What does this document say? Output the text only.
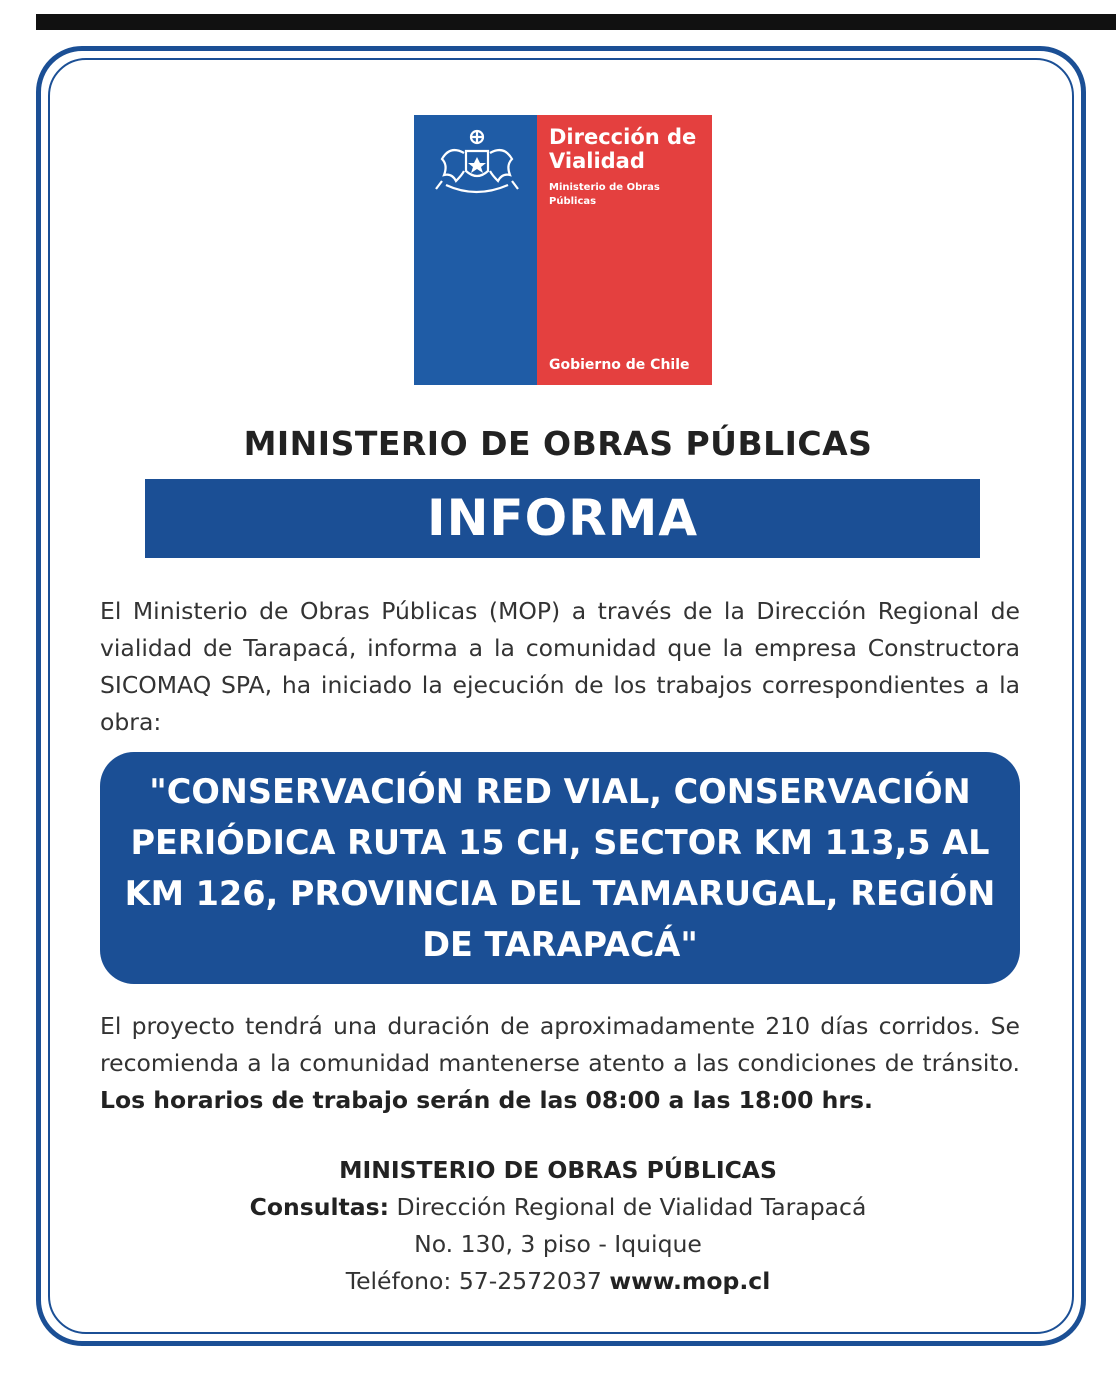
Dirección de Vialidad
Ministerio de Obras Públicas
Gobierno de Chile
MINISTERIO DE OBRAS PÚBLICAS
INFORMA
El Ministerio de Obras Públicas (MOP) a través de la Dirección Regional de vialidad de Tarapacá, informa a la comunidad que la empresa Constructora SICOMAQ SPA, ha iniciado la ejecución de los trabajos correspondientes a la obra:
"CONSERVACIÓN RED VIAL, CONSERVACIÓN PERIÓDICA RUTA 15 CH, SECTOR KM 113,5 AL KM 126, PROVINCIA DEL TAMARUGAL, REGIÓN DE TARAPACÁ"
El proyecto tendrá una duración de aproximadamente 210 días corridos. Se recomienda a la comunidad mantenerse atento a las condiciones de tránsito. Los horarios de trabajo serán de las 08:00 a las 18:00 hrs.
MINISTERIO DE OBRAS PÚBLICAS
Consultas: Dirección Regional de Vialidad Tarapacá
No. 130, 3 piso - Iquique
Teléfono: 57-2572037 www.mop.cl
